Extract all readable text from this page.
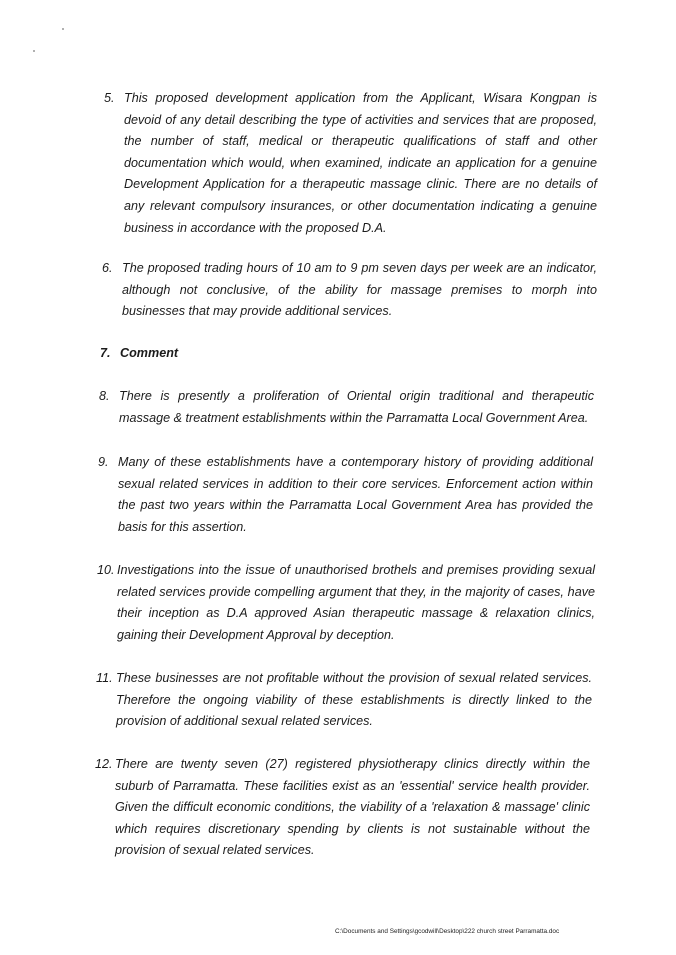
5. This proposed development application from the Applicant, Wisara Kongpan is
devoid of any detail describing the type of activities and services that are proposed,
the number of staff, medical or therapeutic qualifications of staff and other
documentation which would, when examined, indicate an application for a genuine
Development Application for a therapeutic massage clinic. There are no details of
any relevant compulsory insurances, or other documentation indicating a genuine
business in accordance with the proposed D.A.
6. The proposed trading hours of 10 am to 9 pm seven days per week are an indicator,
although not conclusive, of the ability for massage premises to morph into
businesses that may provide additional services.
7. Comment
8. There is presently a proliferation of Oriental origin traditional and therapeutic
massage & treatment establishments within the Parramatta Local Government Area.
9. Many of these establishments have a contemporary history of providing additional
sexual related services in addition to their core services. Enforcement action within
the past two years within the Parramatta Local Government Area has provided the
basis for this assertion.
10. Investigations into the issue of unauthorised brothels and premises providing sexual
related services provide compelling argument that they, in the majority of cases, have
their inception as D.A approved Asian therapeutic massage & relaxation clinics,
gaining their Development Approval by deception.
11. These businesses are not profitable without the provision of sexual related services.
Therefore the ongoing viability of these establishments is directly linked to the
provision of additional sexual related services.
12. There are twenty seven (27) registered physiotherapy clinics directly within the
suburb of Parramatta. These facilities exist as an 'essential' service health provider.
Given the difficult economic conditions, the viability of a 'relaxation & massage' clinic
which requires discretionary spending by clients is not sustainable without the
provision of sexual related services.
C:\Documents and Settings\gcodwill\Desktop\222 church street Parramatta.doc
